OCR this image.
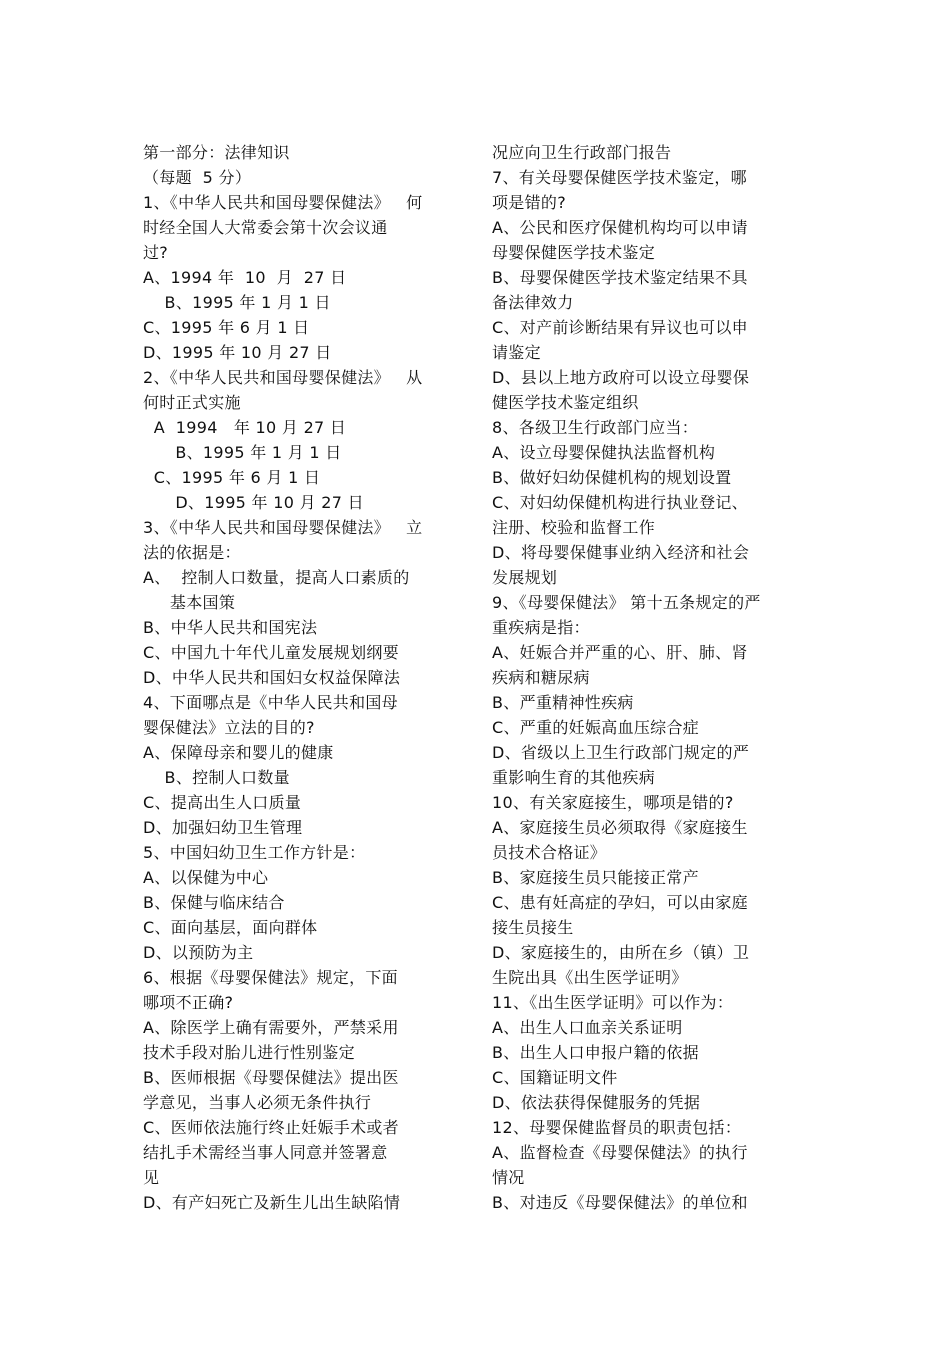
第一部分：法律知识
（每题  5 分）
1、《中华人民共和国母婴保健法》   何
时经全国人大常委会第十次会议通
过?
A、1994 年  10  月  27 日
B、1995 年 1 月 1 日
C、1995 年 6 月 1 日
D、1995 年 10 月 27 日
2、《中华人民共和国母婴保健法》   从
何时正式实施
A  1994   年 10 月 27 日
B、1995 年 1 月 1 日
C、1995 年 6 月 1 日
D、1995 年 10 月 27 日
3、《中华人民共和国母婴保健法》   立
法的依据是：
A、  控制人口数量，提高人口素质的
基本国策
B、中华人民共和国宪法
C、中国九十年代儿童发展规划纲要
D、中华人民共和国妇女权益保障法
4、下面哪点是《中华人民共和国母
婴保健法》立法的目的?
A、保障母亲和婴儿的健康
B、控制人口数量
C、提高出生人口质量
D、加强妇幼卫生管理
5、中国妇幼卫生工作方针是：
A、以保健为中心
B、保健与临床结合
C、面向基层，面向群体
D、以预防为主
6、根据《母婴保健法》规定，下面
哪项不正确?
A、除医学上确有需要外，严禁采用
技术手段对胎儿进行性别鉴定
B、医师根据《母婴保健法》提出医
学意见，当事人必须无条件执行
C、医师依法施行终止妊娠手术或者
结扎手术需经当事人同意并签署意
见
D、有产妇死亡及新生儿出生缺陷情
况应向卫生行政部门报告
7、有关母婴保健医学技术鉴定，哪
项是错的?
A、公民和医疗保健机构均可以申请
母婴保健医学技术鉴定
B、母婴保健医学技术鉴定结果不具
备法律效力
C、对产前诊断结果有异议也可以申
请鉴定
D、县以上地方政府可以设立母婴保
健医学技术鉴定组织
8、各级卫生行政部门应当：
A、设立母婴保健执法监督机构
B、做好妇幼保健机构的规划设置
C、对妇幼保健机构进行执业登记、
注册、校验和监督工作
D、将母婴保健事业纳入经济和社会
发展规划
9、《母婴保健法》 第十五条规定的严
重疾病是指：
A、妊娠合并严重的心、肝、肺、肾
疾病和糖尿病
B、严重精神性疾病
C、严重的妊娠高血压综合症
D、省级以上卫生行政部门规定的严
重影响生育的其他疾病
10、有关家庭接生，哪项是错的?
A、家庭接生员必须取得《家庭接生
员技术合格证》
B、家庭接生员只能接正常产
C、患有妊高症的孕妇，可以由家庭
接生员接生
D、家庭接生的，由所在乡（镇）卫
生院出具《出生医学证明》
11、《出生医学证明》可以作为：
A、出生人口血亲关系证明
B、出生人口申报户籍的依据
C、国籍证明文件
D、依法获得保健服务的凭据
12、母婴保健监督员的职责包括：
A、监督检查《母婴保健法》的执行
情况
B、对违反《母婴保健法》的单位和
